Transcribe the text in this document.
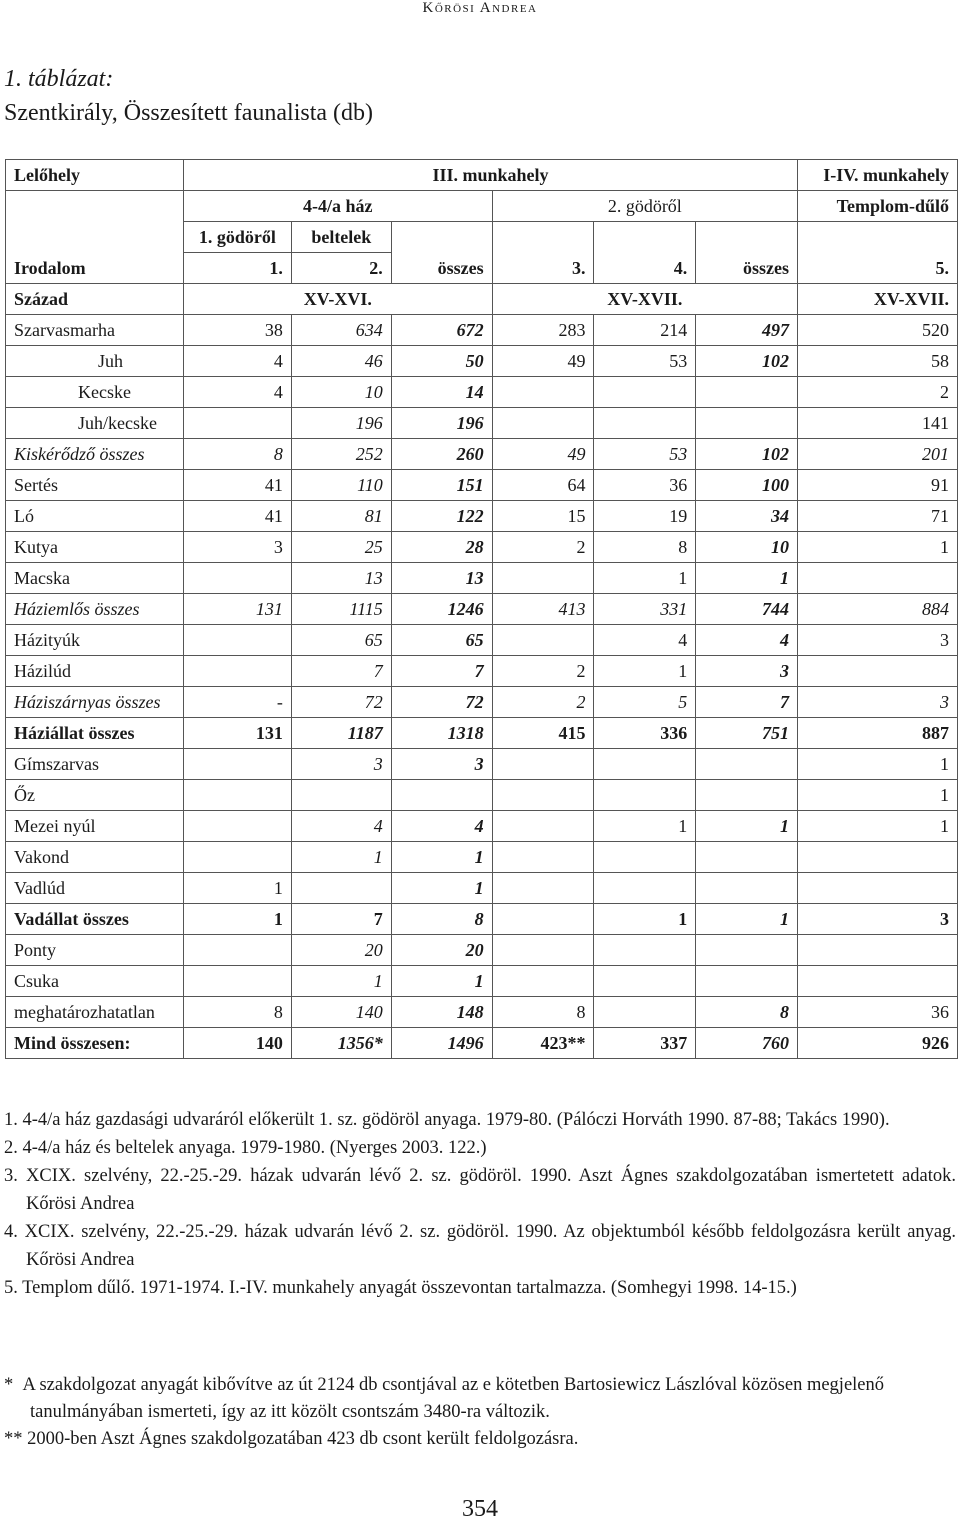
Kőrösi Andrea
1. táblázat:
Szentkirály, Összesített faunalista (db)
Lelőhely	III. munkahely						I-IV. munkahely
	4-4/a ház			2. gödöről			Templom-dűlő
	1. gödöről	beltelek					
Irodalom	1.	2.	összes	3.	4.	összes	5.
Század	XV-XVI.			XV-XVII.			XV-XVII.
Szarvasmarha	38	634	672	283	214	497	520
Juh	4	46	50	49	53	102	58
Kecske	4	10	14				2
Juh/kecske		196	196				141
Kiskérődző összes	8	252	260	49	53	102	201
Sertés	41	110	151	64	36	100	91
Ló	41	81	122	15	19	34	71
Kutya	3	25	28	2	8	10	1
Macska		13	13		1	1	
Háziemlős összes	131	1115	1246	413	331	744	884
Házityúk		65	65		4	4	3
Házilúd		7	7	2	1	3	
Háziszárnyas összes	-	72	72	2	5	7	3
Háziállat összes	131	1187	1318	415	336	751	887
Gímszarvas		3	3				1
Őz							1
Mezei nyúl		4	4		1	1	1
Vakond		1	1				
Vadlúd	1		1				
Vadállat összes	1	7	8		1	1	3
Ponty		20	20				
Csuka		1	1				
meghatározhatatlan	8	140	148	8		8	36
Mind összesen:	140	1356*	1496	423**	337	760	926

1. 4-4/a ház gazdasági udvaráról előkerült 1. sz. gödöröl anyaga. 1979-80. (Pálóczi Horváth 1990. 87-88; Takács 1990).

2. 4-4/a ház és beltelek anyaga. 1979-1980. (Nyerges 2003. 122.)

3. XCIX. szelvény, 22.-25.-29. házak udvarán lévő 2. sz. gödöröl. 1990. Aszt Ágnes szakdolgozatában ismertetett adatok. Kőrösi Andrea

4. XCIX. szelvény, 22.-25.-29. házak udvarán lévő 2. sz. gödöröl. 1990. Az objektumból később feldolgozásra került anyag. Kőrösi Andrea

5. Templom dűlő. 1971-1974. I.-IV. munkahely anyagát összevontan tartalmazza. (Somhegyi 1998. 14-15.)

* A szakdolgozat anyagát kibővítve az út 2124 db csontjával az e kötetben Bartosiewicz Lászlóval közösen megjelenő tanulmányában ismerteti, így az itt közölt csontszám 3480-ra változik.

** 2000-ben Aszt Ágnes szakdolgozatában 423 db csont került feldolgozásra.

354
